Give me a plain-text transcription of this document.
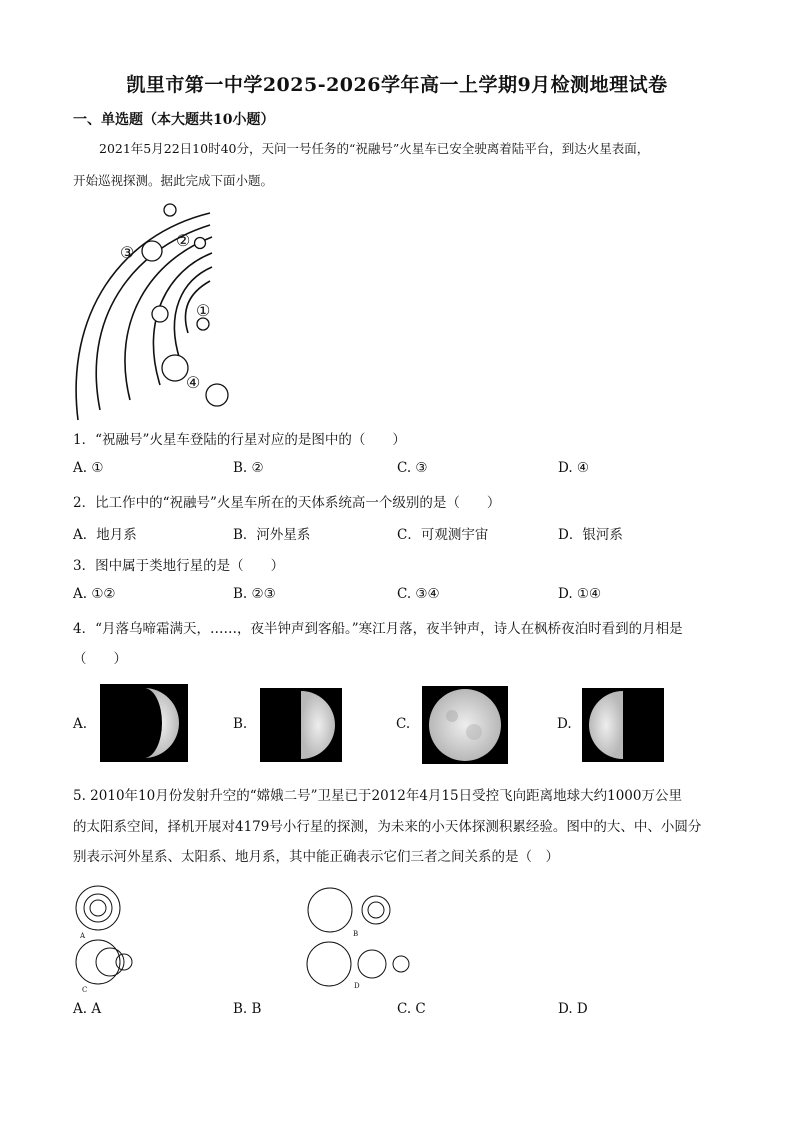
凯里市第一中学2025-2026学年高一上学期9月检测地理试卷
一、单选题（本大题共10小题）
2021年5月22日10时40分，天问一号任务的“祝融号”火星车已安全驶离着陆平台，到达火星表面，
开始巡视探测。据此完成下面小题。
①
②
③
④
1．“祝融号”火星车登陆的行星对应的是图中的（　　）
A. ①	B. ②	C. ③	D. ④
2．比工作中的“祝融号”火星车所在的天体系统高一个级别的是（　　）
A．地月系	B．河外星系	C．可观测宇宙	D．银河系
3．图中属于类地行星的是（　　）
A. ①②	B. ②③	C. ③④	D. ①④
4．“月落乌啼霜满天，……，夜半钟声到客船。”寒江月落，夜半钟声，诗人在枫桥夜泊时看到的月相是
（　　）
A.	B.	C.	D.
5. 2010年10月份发射升空的“嫦娥二号”卫星已于2012年4月15日受控飞向距离地球大约1000万公里
的太阳系空间，择机开展对4179号小行星的探测，为未来的小天体探测积累经验。图中的大、中、小圆分
别表示河外星系、太阳系、地月系，其中能正确表示它们三者之间关系的是（　）
A	B
C	D
A. A	B. B	C. C	D. D
